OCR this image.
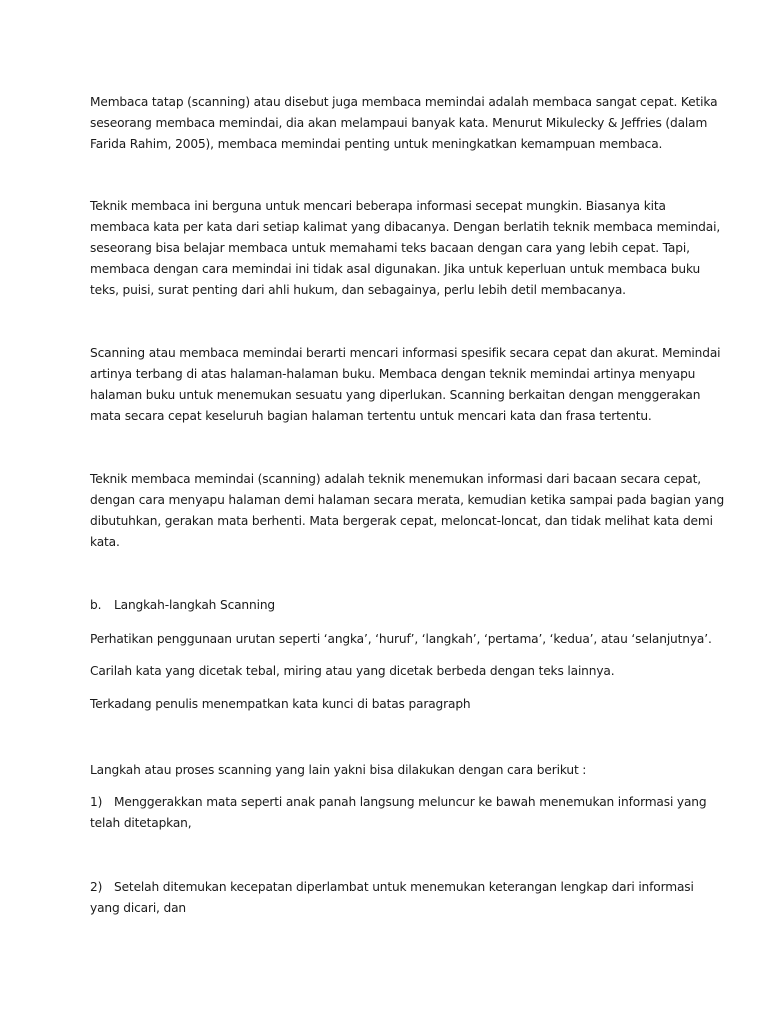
Membaca tatap (scanning) atau disebut juga membaca memindai adalah membaca sangat cepat. Ketika
seseorang membaca memindai, dia akan melampaui banyak kata. Menurut Mikulecky & Jeffries (dalam
Farida Rahim, 2005), membaca memindai penting untuk meningkatkan kemampuan membaca.

Teknik membaca ini berguna untuk mencari beberapa informasi secepat mungkin. Biasanya kita
membaca kata per kata dari setiap kalimat yang dibacanya. Dengan berlatih teknik membaca memindai,
seseorang bisa belajar membaca untuk memahami teks bacaan dengan cara yang lebih cepat. Tapi,
membaca dengan cara memindai ini tidak asal digunakan. Jika untuk keperluan untuk membaca buku
teks, puisi, surat penting dari ahli hukum, dan sebagainya, perlu lebih detil membacanya.

Scanning atau membaca memindai berarti mencari informasi spesifik secara cepat dan akurat. Memindai
artinya terbang di atas halaman-halaman buku. Membaca dengan teknik memindai artinya menyapu
halaman buku untuk menemukan sesuatu yang diperlukan. Scanning berkaitan dengan menggerakan
mata secara cepat keseluruh bagian halaman tertentu untuk mencari kata dan frasa tertentu.

Teknik membaca memindai (scanning) adalah teknik menemukan informasi dari bacaan secara cepat,
dengan cara menyapu halaman demi halaman secara merata, kemudian ketika sampai pada bagian yang
dibutuhkan, gerakan mata berhenti. Mata bergerak cepat, meloncat-loncat, dan tidak melihat kata demi
kata.

b. Langkah-langkah Scanning

Perhatikan penggunaan urutan seperti ‘angka’, ‘huruf’, ‘langkah’, ‘pertama’, ‘kedua’, atau ‘selanjutnya’.

Carilah kata yang dicetak tebal, miring atau yang dicetak berbeda dengan teks lainnya.

Terkadang penulis menempatkan kata kunci di batas paragraph

Langkah atau proses scanning yang lain yakni bisa dilakukan dengan cara berikut :

1) Menggerakkan mata seperti anak panah langsung meluncur ke bawah menemukan informasi yang
telah ditetapkan,

2) Setelah ditemukan kecepatan diperlambat untuk menemukan keterangan lengkap dari informasi
yang dicari, dan
